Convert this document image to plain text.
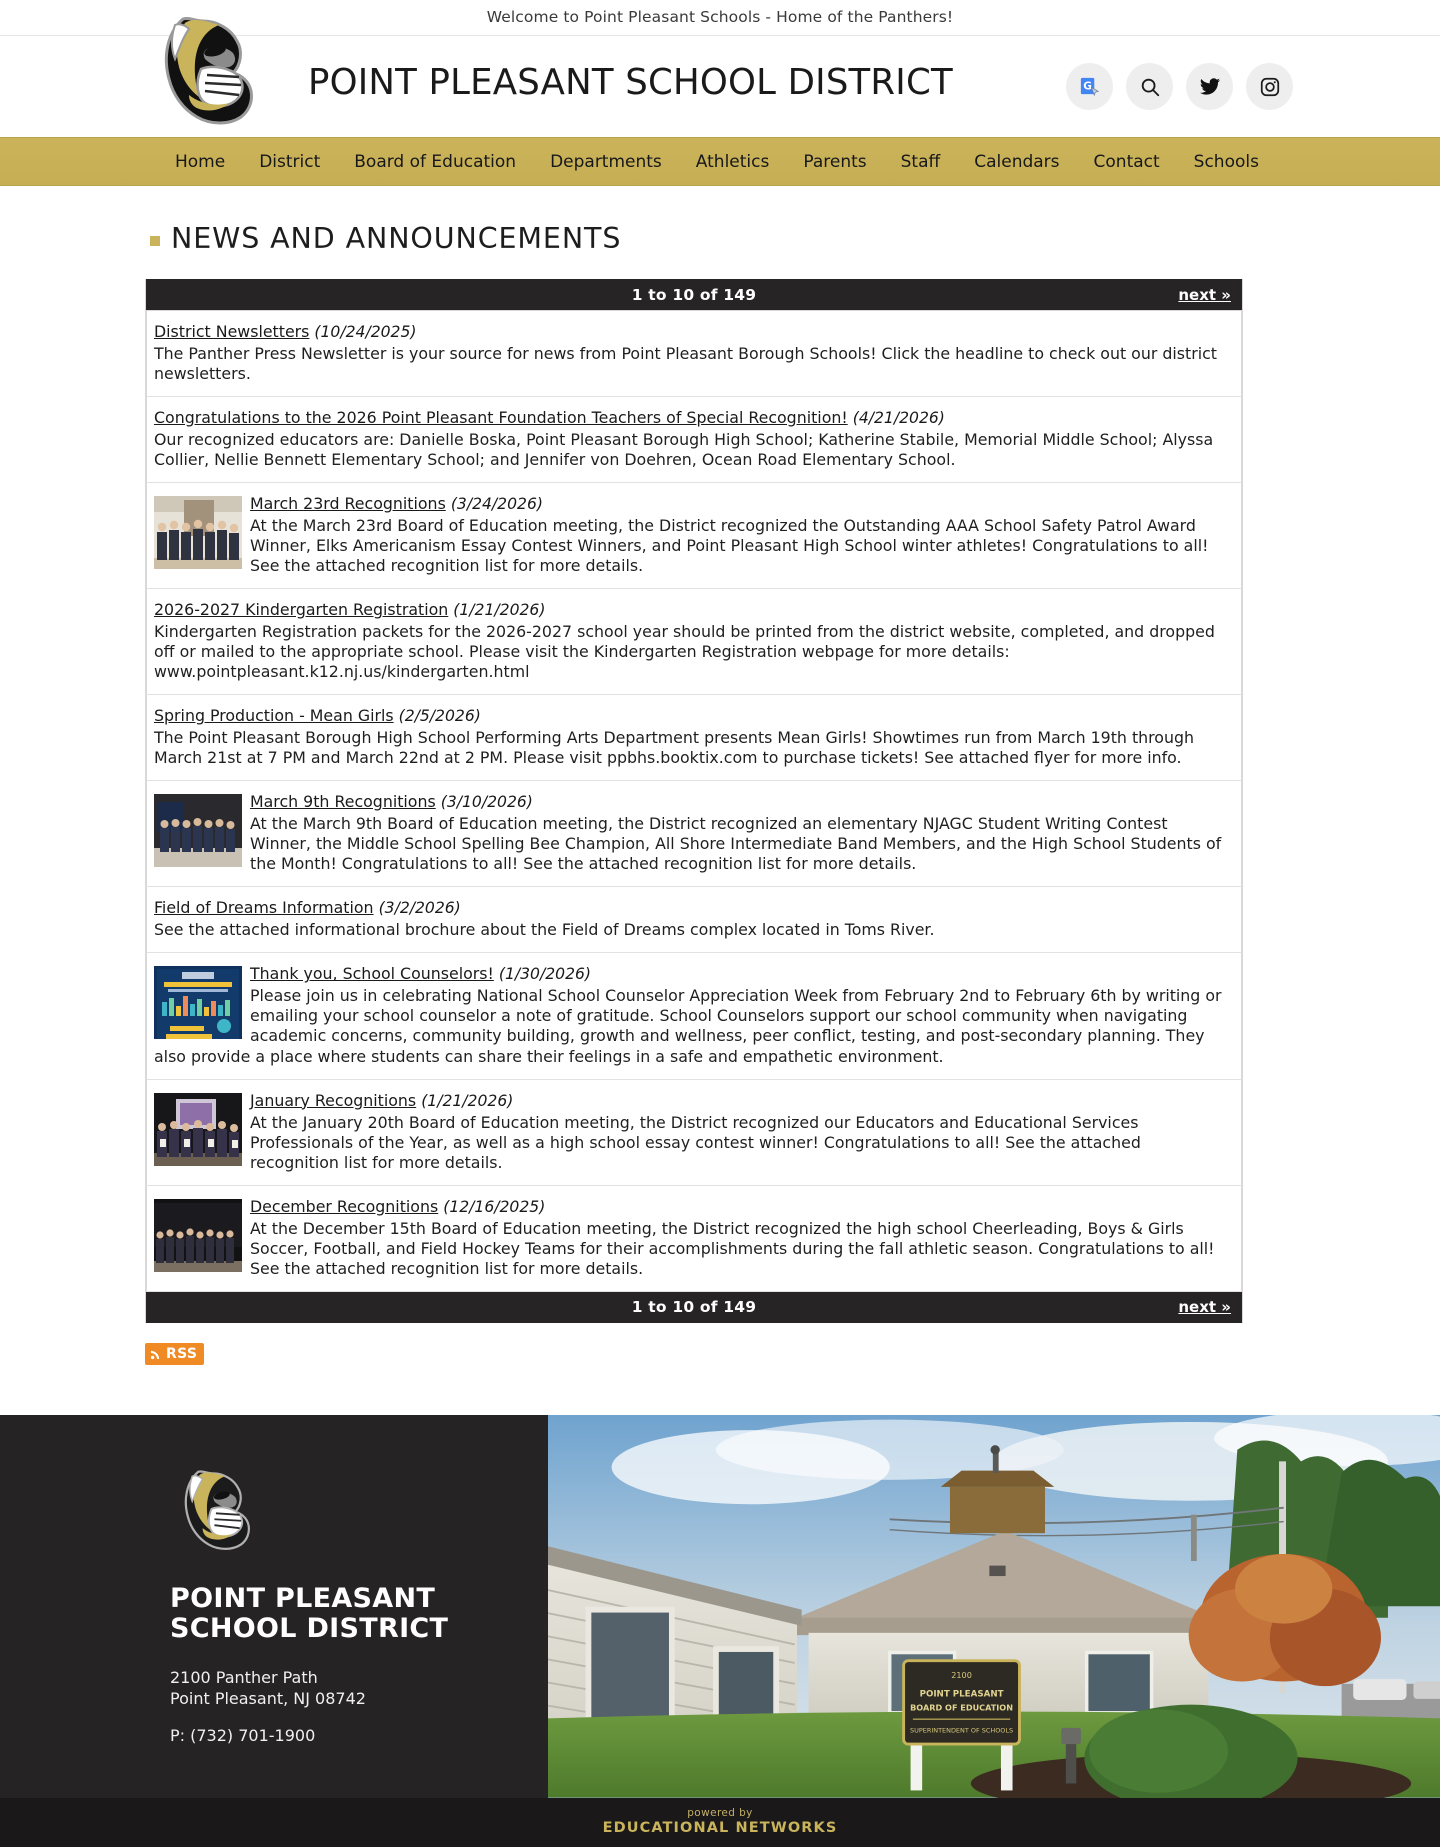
Welcome to Point Pleasant Schools - Home of the Panthers!
POINT PLEASANT SCHOOL DISTRICT	G
Home	District	Board of Education	Departments	Athletics	Parents	Staff	Calendars	Contact	Schools
NEWS AND ANNOUNCEMENTS
1 to 10 of 149	next »
District Newsletters (10/24/2025)
The Panther Press Newsletter is your source for news from Point Pleasant Borough Schools! Click the headline to check out our district newsletters.
Congratulations to the 2026 Point Pleasant Foundation Teachers of Special Recognition! (4/21/2026)
Our recognized educators are: Danielle Boska, Point Pleasant Borough High School; Katherine Stabile, Memorial Middle School; Alyssa Collier, Nellie Bennett Elementary School; and Jennifer von Doehren, Ocean Road Elementary School.
March 23rd Recognitions (3/24/2026)
At the March 23rd Board of Education meeting, the District recognized the Outstanding AAA School Safety Patrol Award Winner, Elks Americanism Essay Contest Winners, and Point Pleasant High School winter athletes! Congratulations to all! See the attached recognition list for more details.
2026-2027 Kindergarten Registration (1/21/2026)
Kindergarten Registration packets for the 2026-2027 school year should be printed from the district website, completed, and dropped off or mailed to the appropriate school. Please visit the Kindergarten Registration webpage for more details: www.pointpleasant.k12.nj.us/kindergarten.html
Spring Production - Mean Girls (2/5/2026)
The Point Pleasant Borough High School Performing Arts Department presents Mean Girls! Showtimes run from March 19th through March 21st at 7 PM and March 22nd at 2 PM. Please visit ppbhs.booktix.com to purchase tickets! See attached flyer for more info.
March 9th Recognitions (3/10/2026)
At the March 9th Board of Education meeting, the District recognized an elementary NJAGC Student Writing Contest Winner, the Middle School Spelling Bee Champion, All Shore Intermediate Band Members, and the High School Students of the Month! Congratulations to all! See the attached recognition list for more details.
Field of Dreams Information (3/2/2026)
See the attached informational brochure about the Field of Dreams complex located in Toms River.
Thank you, School Counselors! (1/30/2026)
Please join us in celebrating National School Counselor Appreciation Week from February 2nd to February 6th by writing or emailing your school counselor a note of gratitude. School Counselors support our school community when navigating academic concerns, community building, growth and wellness, peer conflict, testing, and post-secondary planning. They also provide a place where students can share their feelings in a safe and empathetic environment.
January Recognitions (1/21/2026)
At the January 20th Board of Education meeting, the District recognized our Educators and Educational Services Professionals of the Year, as well as a high school essay contest winner! Congratulations to all! See the attached recognition list for more details.
December Recognitions (12/16/2025)
At the December 15th Board of Education meeting, the District recognized the high school Cheerleading, Boys & Girls Soccer, Football, and Field Hockey Teams for their accomplishments during the fall athletic season. Congratulations to all! See the attached recognition list for more details.
1 to 10 of 149	next »
RSS
POINT PLEASANT
SCHOOL DISTRICT
2100 Panther Path
Point Pleasant, NJ 08742
P: (732) 701-1900
2100
POINT PLEASANT
BOARD OF EDUCATION
SUPERINTENDENT OF SCHOOLS
powered by
EDUCATIONAL NETWORKS
